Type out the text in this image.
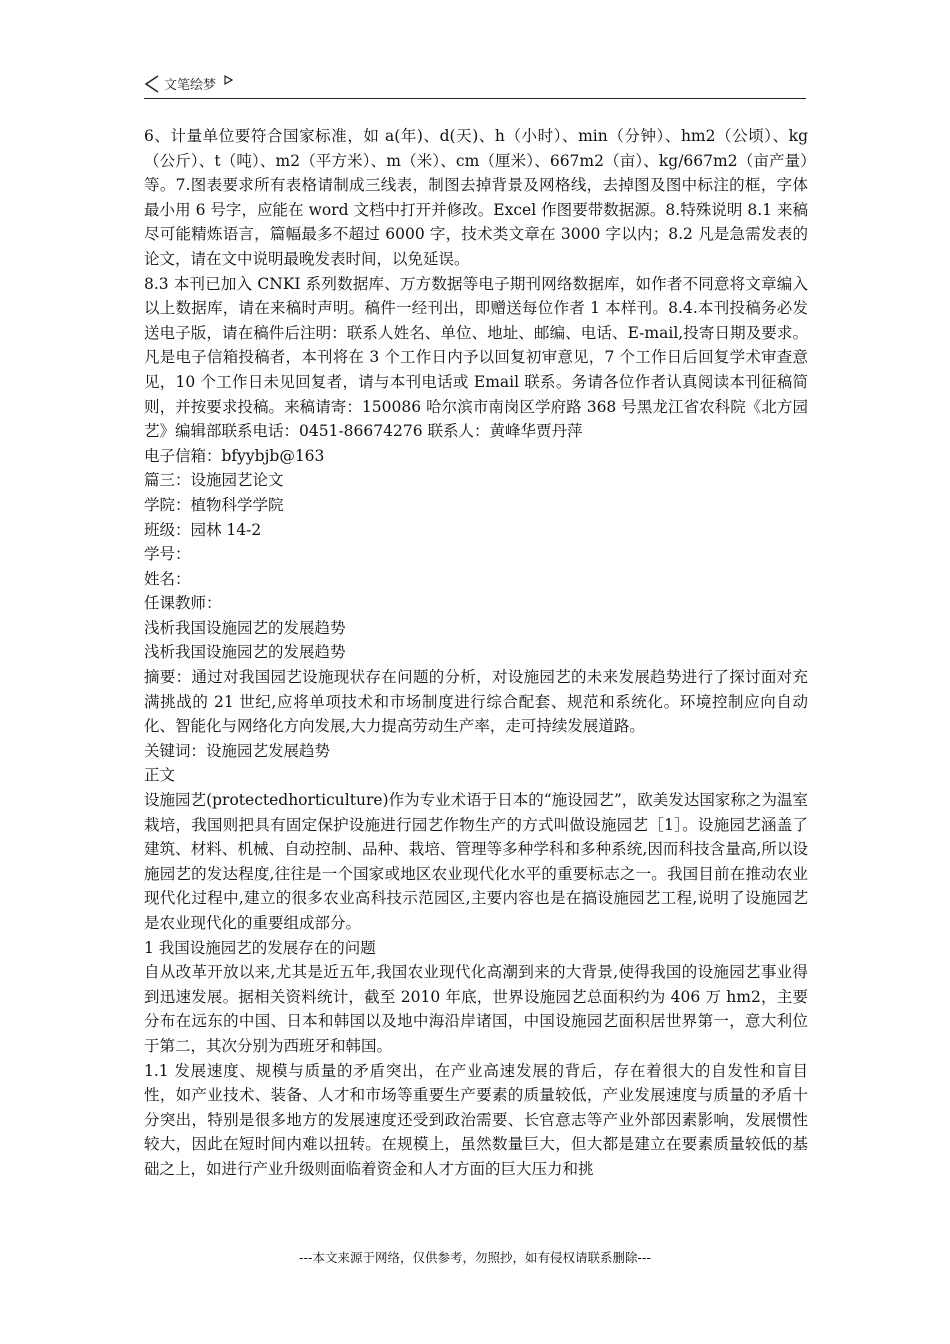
文笔绘梦

6、计量单位要符合国家标准，如 a(年)、d(天)、h（小时）、min（分钟）、hm2（公顷）、kg（公斤）、t（吨）、m2（平方米）、m（米）、cm（厘米）、667m2（亩）、kg/667m2（亩产量）等。7.图表要求所有表格请制成三线表，制图去掉背景及网格线，去掉图及图中标注的框，字体最小用 6 号字，应能在 word 文档中打开并修改。Excel 作图要带数据源。8.特殊说明 8.1 来稿尽可能精炼语言，篇幅最多不超过 6000 字，技术类文章在 3000 字以内；8.2 凡是急需发表的论文，请在文中说明最晚发表时间，以免延误。

8.3 本刊已加入 CNKI 系列数据库、万方数据等电子期刊网络数据库，如作者不同意将文章编入以上数据库，请在来稿时声明。稿件一经刊出，即赠送每位作者 1 本样刊。8.4.本刊投稿务必发送电子版，请在稿件后注明：联系人姓名、单位、地址、邮编、电话、E-mail,投寄日期及要求。凡是电子信箱投稿者，本刊将在 3 个工作日内予以回复初审意见，7 个工作日后回复学术审查意见，10 个工作日未见回复者，请与本刊电话或 Email 联系。务请各位作者认真阅读本刊征稿简则，并按要求投稿。来稿请寄：150086 哈尔滨市南岗区学府路 368 号黑龙江省农科院《北方园艺》编辑部联系电话：0451-86674276 联系人：黄峰华贾丹萍

电子信箱：bfyybjb@163

篇三：设施园艺论文

学院：植物科学学院

班级：园林 14-2

学号：

姓名：

任课教师：

浅析我国设施园艺的发展趋势

浅析我国设施园艺的发展趋势

摘要：通过对我国园艺设施现状存在问题的分析，对设施园艺的未来发展趋势进行了探讨面对充满挑战的 21 世纪,应将单项技术和市场制度进行综合配套、规范和系统化。环境控制应向自动化、智能化与网络化方向发展,大力提高劳动生产率，走可持续发展道路。

关键词：设施园艺发展趋势

正文

设施园艺(protectedhorticulture)作为专业术语于日本的“施设园艺”，欧美发达国家称之为温室栽培，我国则把具有固定保护设施进行园艺作物生产的方式叫做设施园艺［1］。设施园艺涵盖了建筑、材料、机械、自动控制、品种、栽培、管理等多种学科和多种系统,因而科技含量高,所以设施园艺的发达程度,往往是一个国家或地区农业现代化水平的重要标志之一。我国目前在推动农业现代化过程中,建立的很多农业高科技示范园区,主要内容也是在搞设施园艺工程,说明了设施园艺是农业现代化的重要组成部分。

1 我国设施园艺的发展存在的问题

自从改革开放以来,尤其是近五年,我国农业现代化高潮到来的大背景,使得我国的设施园艺事业得到迅速发展。据相关资料统计，截至 2010 年底，世界设施园艺总面积约为 406 万 hm2，主要分布在远东的中国、日本和韩国以及地中海沿岸诸国，中国设施园艺面积居世界第一，意大利位于第二，其次分别为西班牙和韩国。

1.1 发展速度、规模与质量的矛盾突出，在产业高速发展的背后，存在着很大的自发性和盲目性，如产业技术、装备、人才和市场等重要生产要素的质量较低，产业发展速度与质量的矛盾十分突出，特别是很多地方的发展速度还受到政治需要、长官意志等产业外部因素影响，发展惯性较大，因此在短时间内难以扭转。在规模上，虽然数量巨大，但大都是建立在要素质量较低的基础之上，如进行产业升级则面临着资金和人才方面的巨大压力和挑

---本文来源于网络，仅供参考，勿照抄，如有侵权请联系删除---
